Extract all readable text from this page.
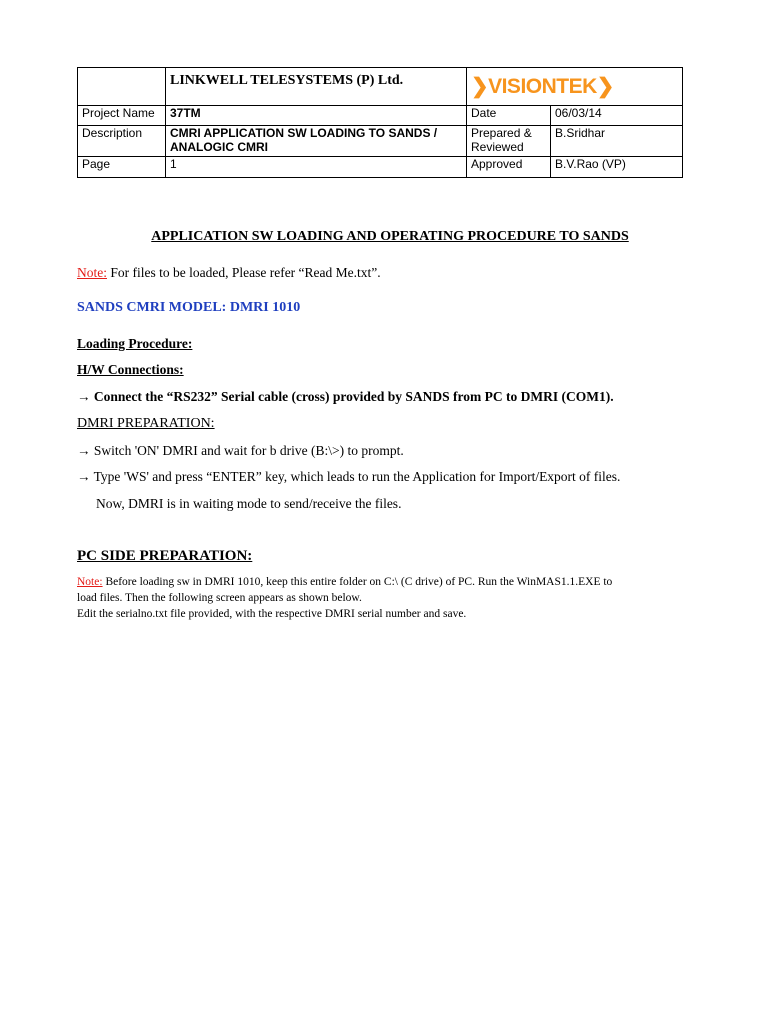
	LINKWELL TELESYSTEMS (P) Ltd.	❯VISIONTEK❯	

Project Name	37TM	Date	06/03/14
Description	CMRI APPLICATION SW LOADING TO SANDS / ANALOGIC CMRI	Prepared & Reviewed	B.Sridhar
Page	1	Approved	B.V.Rao (VP)
APPLICATION SW LOADING AND OPERATING PROCEDURE TO SANDS
Note: For files to be loaded, Please refer “Read Me.txt”.
SANDS CMRI MODEL: DMRI 1010
Loading Procedure:
H/W Connections:
→ Connect the “RS232” Serial cable (cross) provided by SANDS from PC to DMRI (COM1).
DMRI PREPARATION:
→ Switch 'ON' DMRI and wait for b drive (B:\>) to prompt.
→ Type 'WS' and press “ENTER” key, which leads to run the Application for Import/Export of files.
Now, DMRI is in waiting mode to send/receive the files.
PC SIDE PREPARATION:
Note: Before loading sw in DMRI 1010, keep this entire folder on C:\ (C drive) of PC. Run the WinMAS1.1.EXE to
load files. Then the following screen appears as shown below.
Edit the serialno.txt file provided, with the respective DMRI serial number and save.
